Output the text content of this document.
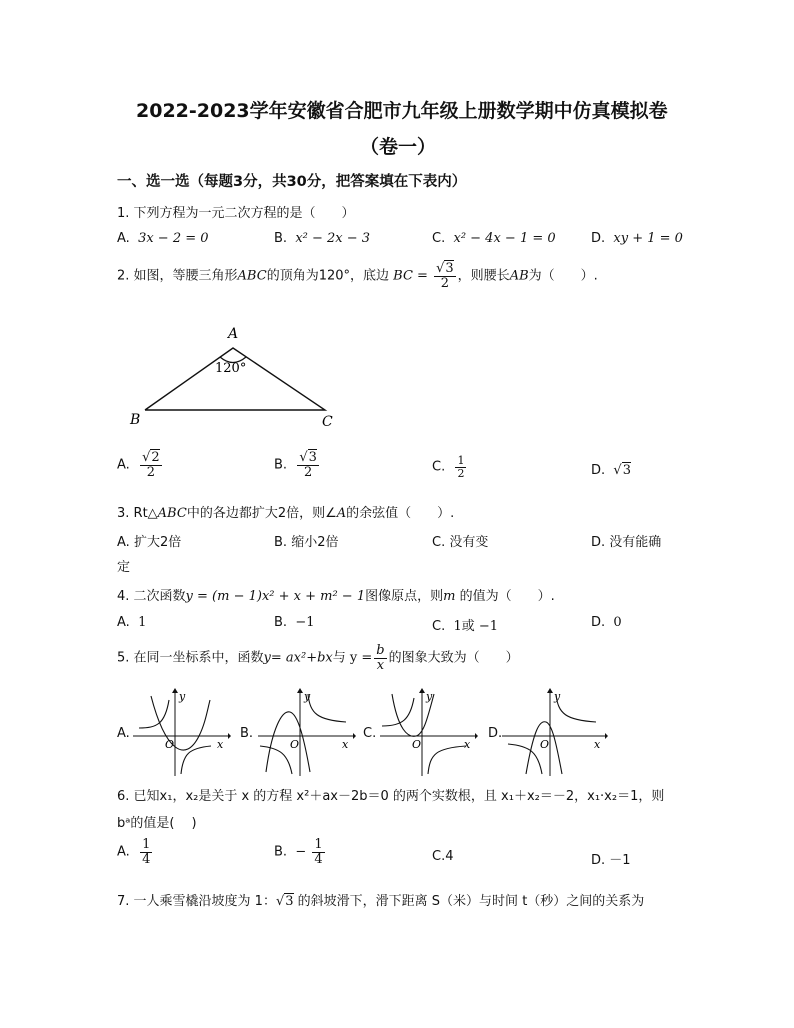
2022-2023学年安徽省合肥市九年级上册数学期中仿真模拟卷
（卷一）
一、选一选（每题3分，共30分，把答案填在下表内）
1. 下列方程为一元二次方程的是（　　）
A. 3x − 2 = 0	B. x² − 2x − 3	C. x² − 4x − 1 = 0	D. xy + 1 = 0
2. 如图，等腰三角形ABC的顶角为120°，底边 BC = $\frac{√3}{2}$ ，则腰长AB为（　　）.
A
B	C
120°
A. $\frac{√2}{2}$	B. $\frac{√3}{2}$	C. $\frac{1}{2}$	D. √3
3. Rt△ABC中的各边都扩大2倍，则∠A的余弦值（　　）.
A. 扩大2倍	B. 缩小2倍	C. 没有变	D. 没有能确
定
4. 二次函数y = (m − 1)x² + x + m² − 1图像原点，则m 的值为（　　）.
A. 1	B. −1	C. 1或 −1	D. 0
5. 在同一坐标系中，函数y= ax²+bx与 $y = \frac{b}{x}$ 的图象大致为（　　）
A.
y
x
O
B.
y
x
O
C.
y
x
O
D.
y
x
O
6. 已知x₁，x₂是关于 x 的方程 x²＋ax－2b＝0 的两个实数根，且 x₁＋x₂＝－2，x₁·x₂＝1，则
bᵃ的值是(　 )
A. $\frac{1}{4}$	B. − $\frac{1}{4}$	C.4	D. －1
7. 一人乘雪橇沿坡度为 1：√3 的斜坡滑下，滑下距离 S（米）与时间 t（秒）之间的关系为
